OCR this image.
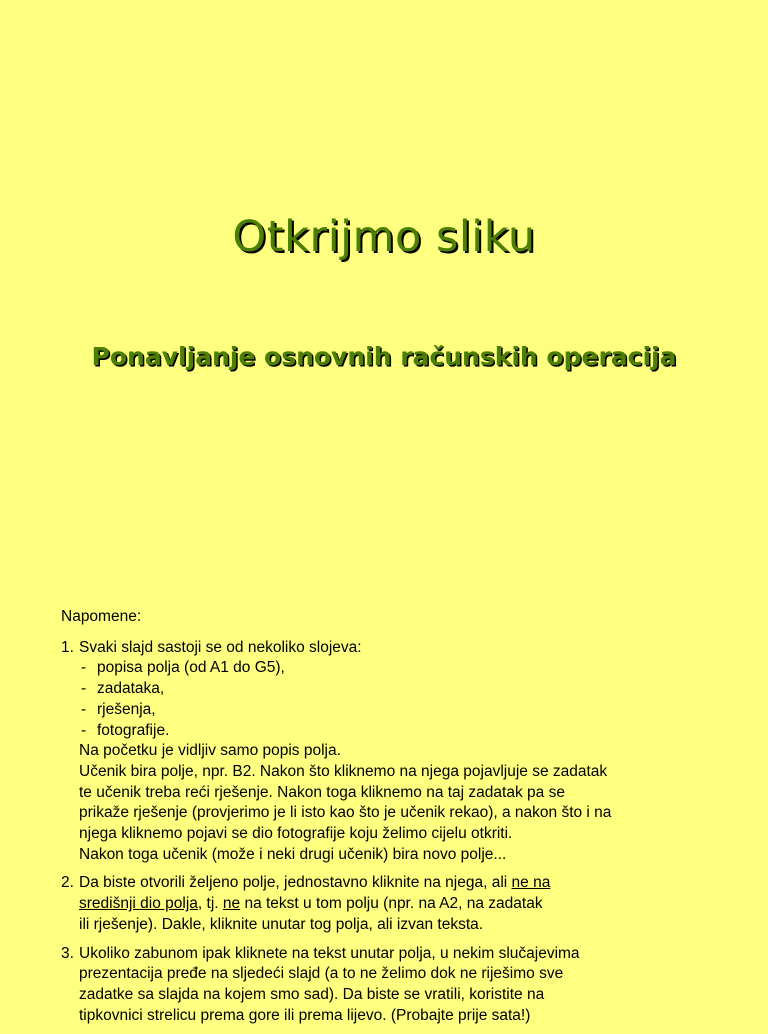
Otkrijmo sliku
Ponavljanje osnovnih računskih operacija
Napomene:
1. Svaki slajd sastoji se od nekoliko slojeva:
- popisa polja (od A1 do G5),
- zadataka,
- rješenja,
- fotografije.
Na početku je vidljiv samo popis polja.
Učenik bira polje, npr. B2. Nakon što kliknemo na njega pojavljuje se zadatak
te učenik treba reći rješenje. Nakon toga kliknemo na taj zadatak pa se
prikaže rješenje (provjerimo je li isto kao što je učenik rekao), a nakon što i na
njega kliknemo pojavi se dio fotografije koju želimo cijelu otkriti.
Nakon toga učenik (može i neki drugi učenik) bira novo polje...
2. Da biste otvorili željeno polje, jednostavno kliknite na njega, ali ne na
središnji dio polja, tj. ne na tekst u tom polju (npr. na A2, na zadatak
ili rješenje). Dakle, kliknite unutar tog polja, ali izvan teksta.
3. Ukoliko zabunom ipak kliknete na tekst unutar polja, u nekim slučajevima
prezentacija pređe na sljedeći slajd (a to ne želimo dok ne riješimo sve
zadatke sa slajda na kojem smo sad). Da biste se vratili, koristite na
tipkovnici strelicu prema gore ili prema lijevo. (Probajte prije sata!)
